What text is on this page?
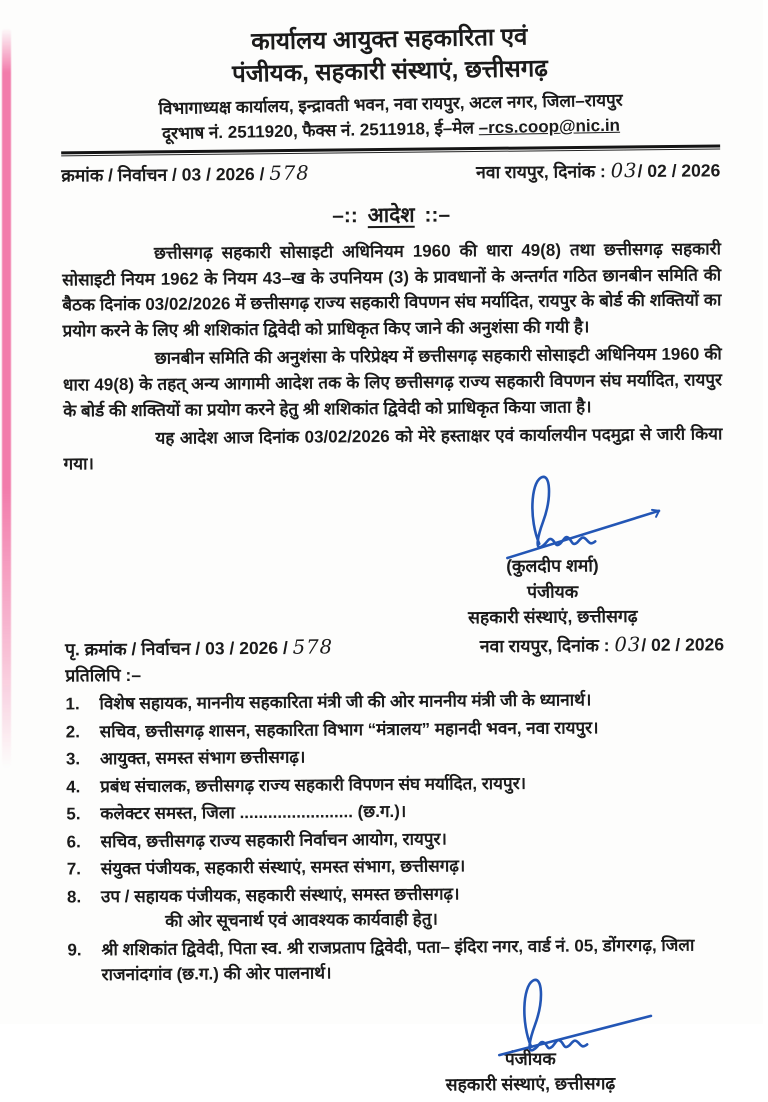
कार्यालय आयुक्त सहकारिता एवं
पंजीयक, सहकारी संस्थाएं, छत्तीसगढ़
विभागाध्यक्ष कार्यालय, इन्द्रावती भवन, नवा रायपुर, अटल नगर, जिला–रायपुर
दूरभाष नं. 2511920, फैक्स नं. 2511918, ई–मेल –rcs.coop@nic.in
क्रमांक / निर्वाचन / 03 / 2026 / 578	नवा रायपुर, दिनांक : 03/ 02 / 2026
–:: आदेश ::–

छत्तीसगढ़ सहकारी सोसाइटी अधिनियम 1960 की धारा 49(8) तथा छत्तीसगढ़ सहकारी सोसाइटी नियम 1962 के नियम 43–ख के उपनियम (3) के प्रावधानों के अन्तर्गत गठित छानबीन समिति की बैठक दिनांक 03/02/2026 में छत्तीसगढ़ राज्य सहकारी विपणन संघ मर्यादित, रायपुर के बोर्ड की शक्तियों का प्रयोग करने के लिए श्री शशिकांत द्विवेदी को प्राधिकृत किए जाने की अनुशंसा की गयी है।

छानबीन समिति की अनुशंसा के परिप्रेक्ष्य में छत्तीसगढ़ सहकारी सोसाइटी अधिनियम 1960 की धारा 49(8) के तहत् अन्य आगामी आदेश तक के लिए छत्तीसगढ़ राज्य सहकारी विपणन संघ मर्यादित, रायपुर के बोर्ड की शक्तियों का प्रयोग करने हेतु श्री शशिकांत द्विवेदी को प्राधिकृत किया जाता है।

यह आदेश आज दिनांक 03/02/2026 को मेरे हस्ताक्षर एवं कार्यालयीन पदमुद्रा से जारी किया गया।

(कुलदीप शर्मा)
पंजीयक
सहकारी संस्थाएं, छत्तीसगढ़
पृ. क्रमांक / निर्वाचन / 03 / 2026 / 578	नवा रायपुर, दिनांक : 03/ 02 / 2026
प्रतिलिपि :–
1.	विशेष सहायक, माननीय सहकारिता मंत्री जी की ओर माननीय मंत्री जी के ध्यानार्थ।
2.	सचिव, छत्तीसगढ़ शासन, सहकारिता विभाग “मंत्रालय” महानदी भवन, नवा रायपुर।
3.	आयुक्त, समस्त संभाग छत्तीसगढ़।
4.	प्रबंध संचालक, छत्तीसगढ़ राज्य सहकारी विपणन संघ मर्यादित, रायपुर।
5.	कलेक्टर समस्त, जिला ........................ (छ.ग.)।
6.	सचिव, छत्तीसगढ़ राज्य सहकारी निर्वाचन आयोग, रायपुर।
7.	संयुक्त पंजीयक, सहकारी संस्थाएं, समस्त संभाग, छत्तीसगढ़।
8.	उप / सहायक पंजीयक, सहकारी संस्थाएं, समस्त छत्तीसगढ़।
की ओर सूचनार्थ एवं आवश्यक कार्यवाही हेतु।
9.	श्री शशिकांत द्विवेदी, पिता स्व. श्री राजप्रताप द्विवेदी, पता– इंदिरा नगर, वार्ड नं. 05, डोंगरगढ़, जिला राजनांदगांव (छ.ग.) की ओर पालनार्थ।
पंजीयक
सहकारी संस्थाएं, छत्तीसगढ़
